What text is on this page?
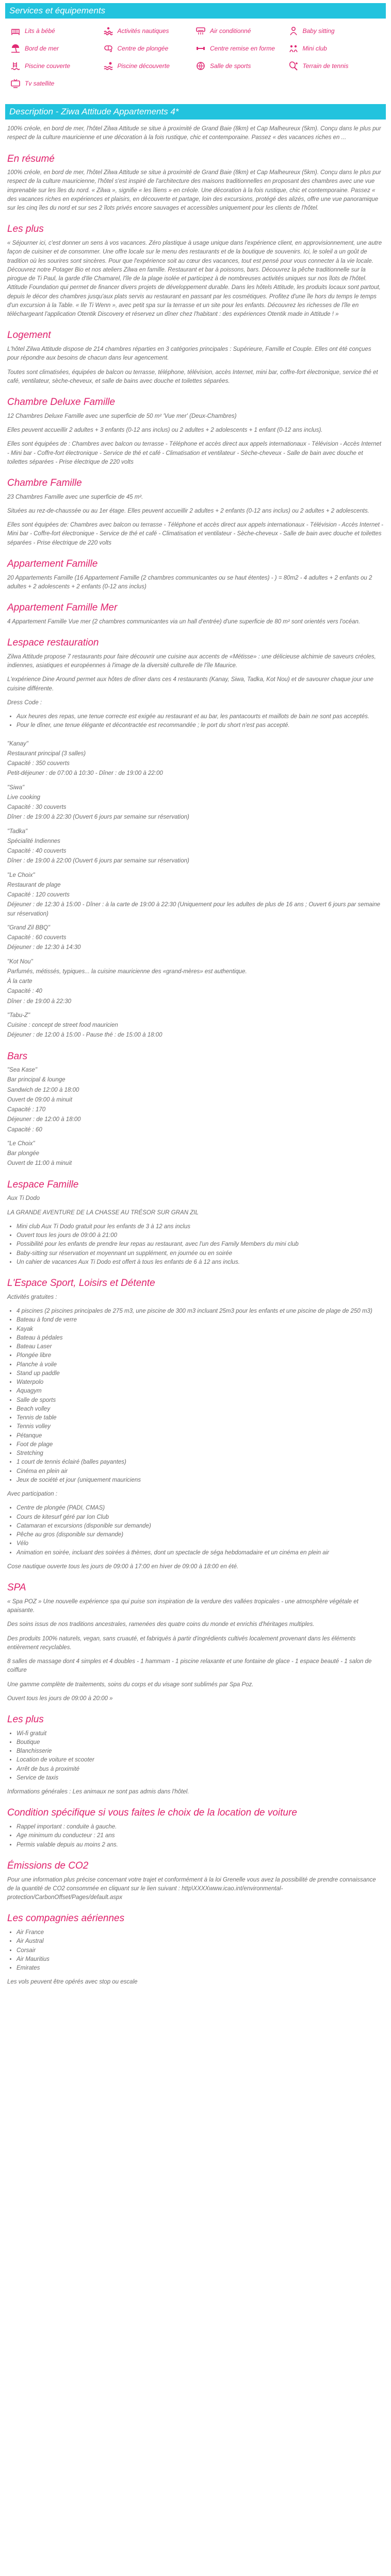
Services et équipements
Lits à bébé	Activités nautiques	Air conditionné	Baby sitting
Bord de mer	Centre de plongée	Centre remise en forme	Mini club
Piscine couverte	Piscine découverte	Salle de sports	Terrain de tennis
Tv satellite
Description - Ziwa Attitude Appartements 4*

100% créole, en bord de mer, l'hôtel Zilwa Attitude se situe à proximité de Grand Baie (8km) et Cap Malheureux (5km). Conçu dans le plus pur respect de la culture mauricienne et une décoration à la fois rustique, chic et contemporaine. Passez « des vacances riches en ...

En résumé

100% créole, en bord de mer, l'hôtel Zilwa Attitude se situe à proximité de Grand Baie (8km) et Cap Malheureux (5km). Conçu dans le plus pur respect de la culture mauricienne, l'hôtel s'est inspiré de l'architecture des maisons traditionnelles en proposant des chambres avec une vue imprenable sur les îles du nord. « Zilwa », signifie « les îliens » en créole. Une décoration à la fois rustique, chic et contemporaine. Passez « des vacances riches en expériences et plaisirs, en découverte et partage, loin des excursions, protégé des alizés, offre une vue panoramique sur les cinq îles du nord et sur ses 2 îlots privés encore sauvages et accessibles uniquement pour les clients de l'hôtel.

Les plus

« Séjourner ici, c'est donner un sens à vos vacances. Zéro plastique à usage unique dans l'expérience client, en approvisionnement, une autre façon de cuisiner et de consommer. Une offre locale sur le menu des restaurants et de la boutique de souvenirs. Ici, le soleil a un goût de tradition où les sourires sont sincères. Pour que l'expérience soit au cœur des vacances, tout est pensé pour vous connecter à la vie locale. Découvrez notre Potager Bio et nos ateliers Zilwa en famille. Restaurant et bar à poissons, bars. Découvrez la pêche traditionnelle sur la pirogue de Ti Paul, la garde d'Ile Chamarel, l'île de la plage isolée et participez à de nombreuses activités uniques sur nos îlots de l'hôtel. Attitude Foundation qui permet de financer divers projets de développement durable. Dans les hôtels Attitude, les produits locaux sont partout, depuis le décor des chambres jusqu'aux plats servis au restaurant en passant par les cosmétiques. Profitez d'une île hors du temps le temps d'un excursion à la Table. « Ile Ti Wenn », avec petit spa sur la terrasse et un site pour les enfants. Découvrez les richesses de l'île en téléchargeant l'application Otentik Discovery et réservez un dîner chez l'habitant : des expériences Otentik made in Attitude ! »

Logement

L'hôtel Zilwa Attitude dispose de 214 chambres réparties en 3 catégories principales : Supérieure, Famille et Couple. Elles ont été conçues pour répondre aux besoins de chacun dans leur agencement.

Toutes sont climatisées, équipées de balcon ou terrasse, téléphone, télévision, accès Internet, mini bar, coffre-fort électronique, service thé et café, ventilateur, sèche-cheveux, et salle de bains avec douche et toilettes séparées.

Chambre Deluxe Famille

12 Chambres Deluxe Famille avec une superficie de 50 m² 'Vue mer' (Deux-Chambres)

Elles peuvent accueillir 2 adultes + 3 enfants (0-12 ans inclus) ou 2 adultes + 2 adolescents + 1 enfant (0-12 ans inclus).

Elles sont équipées de : Chambres avec balcon ou terrasse - Téléphone et accès direct aux appels internationaux - Télévision - Accès Internet - Mini bar - Coffre-fort électronique - Service de thé et café - Climatisation et ventilateur - Sèche-cheveux - Salle de bain avec douche et toilettes séparées - Prise électrique de 220 volts

Chambre Famille

23 Chambres Famille avec une superficie de 45 m².

Situées au rez-de-chaussée ou au 1er étage. Elles peuvent accueillir 2 adultes + 2 enfants (0-12 ans inclus) ou 2 adultes + 2 adolescents.

Elles sont équipées de: Chambres avec balcon ou terrasse - Téléphone et accès direct aux appels internationaux - Télévision - Accès Internet - Mini bar - Coffre-fort électronique - Service de thé et café - Climatisation et ventilateur - Sèche-cheveux - Salle de bain avec douche et toilettes séparées - Prise électrique de 220 volts

Appartement Famille

20 Appartements Famille (16 Appartement Famille (2 chambres communicantes ou se haut étentes) - ) = 80m2 - 4 adultes + 2 enfants ou 2 adultes + 2 adolescents + 2 enfants (0-12 ans inclus)

Appartement Famille Mer

4 Appartement Famille Vue mer (2 chambres communicantes via un hall d'entrée) d'une superficie de 80 m² sont orientés vers l'océan.

Lespace restauration

Zilwa Attitude propose 7 restaurants pour faire découvrir une cuisine aux accents de «Métisse» : une délicieuse alchimie de saveurs créoles, indiennes, asiatiques et européennes à l'image de la diversité culturelle de l'île Maurice.

L'expérience Dine Around permet aux hôtes de dîner dans ces 4 restaurants (Kanay, Siwa, Tadka, Kot Nou) et de savourer chaque jour une cuisine différente.

Dress Code :

• Aux heures des repas, une tenue correcte est exigée au restaurant et au bar, les pantacourts et maillots de bain ne sont pas acceptés.
• Pour le dîner, une tenue élégante et décontractée est recommandée ; le port du short n'est pas accepté.

"Kanay"

Restaurant principal (3 salles)

Capacité : 350 couverts

Petit-déjeuner : de 07:00 à 10:30 - Dîner : de 19:00 à 22:00

"Siwa"

Live cooking

Capacité : 30 couverts

Dîner : de 19:00 à 22:30 (Ouvert 6 jours par semaine sur réservation)

"Tadka"

Spécialité Indiennes

Capacité : 40 couverts

Dîner : de 19:00 à 22:00 (Ouvert 6 jours par semaine sur réservation)

"Le Choix"

Restaurant de plage

Capacité : 120 couverts

Déjeuner : de 12:30 à 15:00 - Dîner : à la carte de 19:00 à 22:30 (Uniquement pour les adultes de plus de 16 ans ; Ouvert 6 jours par semaine sur réservation)

"Grand Zil BBQ"

Capacité : 60 couverts

Déjeuner : de 12:30 à 14:30

"Kot Nou"

Parfumés, métissés, typiques... la cuisine mauricienne des «grand-mères» est authentique.

À la carte

Capacité : 40

Dîner : de 19:00 à 22:30

"Tabu-Z"

Cuisine : concept de street food mauricien

Déjeuner : de 12:00 à 15:00 - Pause thé : de 15:00 à 18:00

Bars

"Sea Kase"

Bar principal & lounge

Sandwich de 12:00 à 18:00

Ouvert de 09:00 à minuit

Capacité : 170

Déjeuner : de 12:00 à 18:00

Capacité : 60

"Le Choix"

Bar plongée

Ouvert de 11:00 à minuit

Lespace Famille

Aux Ti Dodo

LA GRANDE AVENTURE DE LA CHASSE AU TRÉSOR SUR GRAN ZIL

• Mini club Aux Ti Dodo gratuit pour les enfants de 3 à 12 ans inclus
• Ouvert tous les jours de 09:00 à 21:00
• Possibilité pour les enfants de prendre leur repas au restaurant, avec l'un des Family Members du mini club
• Baby-sitting sur réservation et moyennant un supplément, en journée ou en soirée
• Un cahier de vacances Aux Ti Dodo est offert à tous les enfants de 6 à 12 ans inclus.
L'Espace Sport, Loisirs et Détente

Activités gratuites :

• 4 piscines (2 piscines principales de 275 m3, une piscine de 300 m3 incluant 25m3 pour les enfants et une piscine de plage de 250 m3)
• Bateau à fond de verre
• Kayak
• Bateau à pédales
• Bateau Laser
• Plongée libre
• Planche à voile
• Stand up paddle
• Waterpolo
• Aquagym
• Salle de sports
• Beach volley
• Tennis de table
• Tennis volley
• Pétanque
• Foot de plage
• Stretching
• 1 court de tennis éclairé (balles payantes)
• Cinéma en plein air
• Jeux de société et jour (uniquement mauriciens

Avec participation :

• Centre de plongée (PADI, CMAS)
• Cours de kitesurf géré par Ion Club
• Catamaran et excursions (disponible sur demande)
• Pêche au gros (disponible sur demande)
• Vélo
• Animation en soirée, incluant des soirées à thèmes, dont un spectacle de séga hebdomadaire et un cinéma en plein air

Cose nautique ouverte tous les jours de 09:00 à 17:00 en hiver de 09:00 à 18:00 en été.

SPA

« Spa POZ » Une nouvelle expérience spa qui puise son inspiration de la verdure des vallées tropicales - une atmosphère végétale et apaisante.

Des soins issus de nos traditions ancestrales, ramenées des quatre coins du monde et enrichis d'héritages multiples.

Des produits 100% naturels, vegan, sans cruauté, et fabriqués à partir d'ingrédients cultivés localement provenant dans les éléments entièrement recyclables.

8 salles de massage dont 4 simples et 4 doubles - 1 hammam - 1 piscine relaxante et une fontaine de glace - 1 espace beauté - 1 salon de coiffure

Une gamme complète de traitements, soins du corps et du visage sont sublimés par Spa Poz.

Ouvert tous les jours de 09:00 à 20:00 »

Les plus
• Wi-fi gratuit
• Boutique
• Blanchisserie
• Location de voiture et scooter
• Arrêt de bus à proximité
• Service de taxis

Informations générales : Les animaux ne sont pas admis dans l'hôtel.

Condition spécifique si vous faites le choix de la location de voiture
• Rappel important : conduite à gauche.
• Age minimum du conducteur : 21 ans
• Permis valable depuis au moins 2 ans.
Émissions de CO2

Pour une information plus précise concernant votre trajet et conformément à la loi Grenelle vous avez la possibilité de prendre connaissance de la quantité de CO2 consommée en cliquant sur le lien suivant : http\XXXXwww.icao.int/environmental-protection/CarbonOffset/Pages/default.aspx

Les compagnies aériennes
• Air France
• Air Austral
• Corsair
• Air Mauritius
• Emirates

Les vols peuvent être opérés avec stop ou escale
